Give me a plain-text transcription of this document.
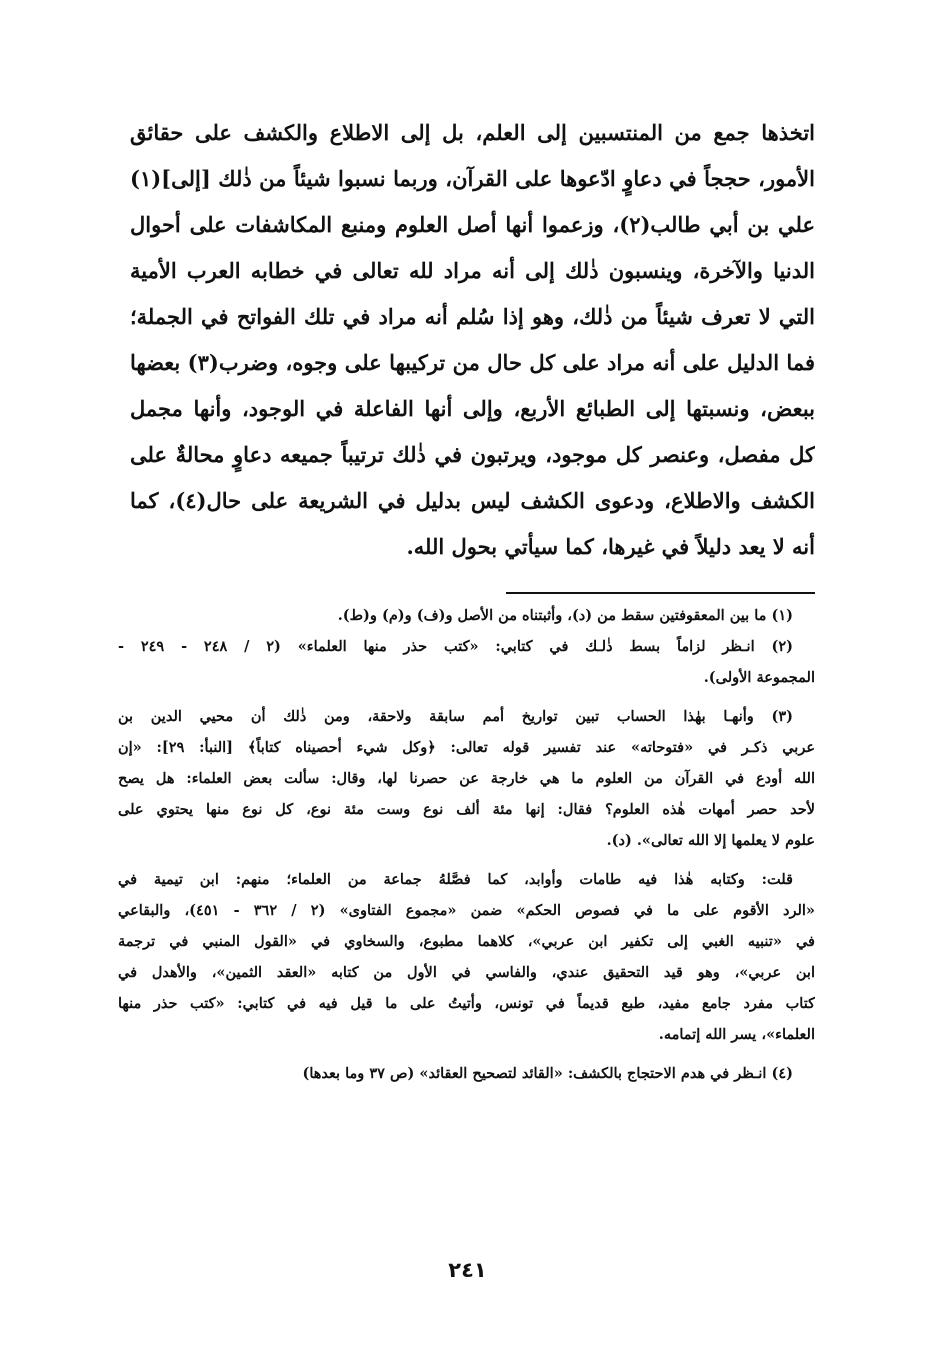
اتخذها جمع من المنتسبين إلى العلم، بل إلى الاطلاع والكشف على حقائق
الأمور، حججاً في دعاوٍ ادّعوها على القرآن، وربما نسبوا شيئاً من ذٰلك [إلى](١)
علي بن أبي طالب(٢)، وزعموا أنها أصل العلوم ومنبع المكاشفات على أحوال
الدنيا والآخرة، وينسبون ذٰلك إلى أنه مراد لله تعالى في خطابه العرب الأمية
التي لا تعرف شيئاً من ذٰلك، وهو إذا سُلم أنه مراد في تلك الفواتح في الجملة؛
فما الدليل على أنه مراد على كل حال من تركيبها على وجوه، وضرب(٣) بعضها
ببعض، ونسبتها إلى الطبائع الأربع، وإلى أنها الفاعلة في الوجود، وأنها مجمل
كل مفصل، وعنصر كل موجود، ويرتبون في ذٰلك ترتيباً جميعه دعاوٍ محالةٌ على
الكشف والاطلاع، ودعوى الكشف ليس بدليل في الشريعة على حال(٤)، كما
أنه لا يعد دليلاً في غيرها، كما سيأتي بحول الله.
(١) ما بين المعقوفتين سقط من (د)، وأثبتناه من الأصل و(ف) و(م) و(ط).
(٢) انـظر لزاماً بسط ذٰلـك في كتابي: «كتب حذر منها العلماء» (٢ / ٢٤٨ - ٢٤٩ -
المجموعة الأولى).
(٣) وأنهـا بهٰذا الحساب تبين تواريخ أمم سابقة ولاحقة، ومن ذٰلك أن محيي الدين بن
عربي ذكـر في «فتوحاته» عند تفسير قوله تعالى: ﴿وكل شيء أحصيناه كتاباً﴾ [النبأ: ٢٩]: «إن
الله أودع في القرآن من العلوم ما هي خارجة عن حصرنا لها، وقال: سألت بعض العلماء: هل يصح
لأحد حصر أمهات هٰذه العلوم؟ فقال: إنها مئة ألف نوع وست مئة نوع، كل نوع منها يحتوي على
علوم لا يعلمها إلا الله تعالى». (د).
قلت: وكتابه هٰذا فيه طامات وأوابد، كما فصَّلهُ جماعة من العلماء؛ منهم: ابن تيمية في
«الرد الأقوم على ما في فصوص الحكم» ضمن «مجموع الفتاوى» (٢ / ٣٦٢ - ٤٥١)، والبقاعي
في «تنبيه الغبي إلى تكفير ابن عربي»، كلاهما مطبوع، والسخاوي في «القول المنبي في ترجمة
ابن عربي»، وهو قيد التحقيق عندي، والفاسي في الأول من كتابه «العقد الثمين»، والأهدل في
كتاب مفرد جامع مفيد، طبع قديماً في تونس، وأتيتُ على ما قيل فيه في كتابي: «كتب حذر منها
العلماء»، يسر الله إتمامه.
(٤) انـظر في هدم الاحتجاج بالكشف: «القائد لتصحيح العقائد» (ص ٣٧ وما بعدها)
٢٤١
